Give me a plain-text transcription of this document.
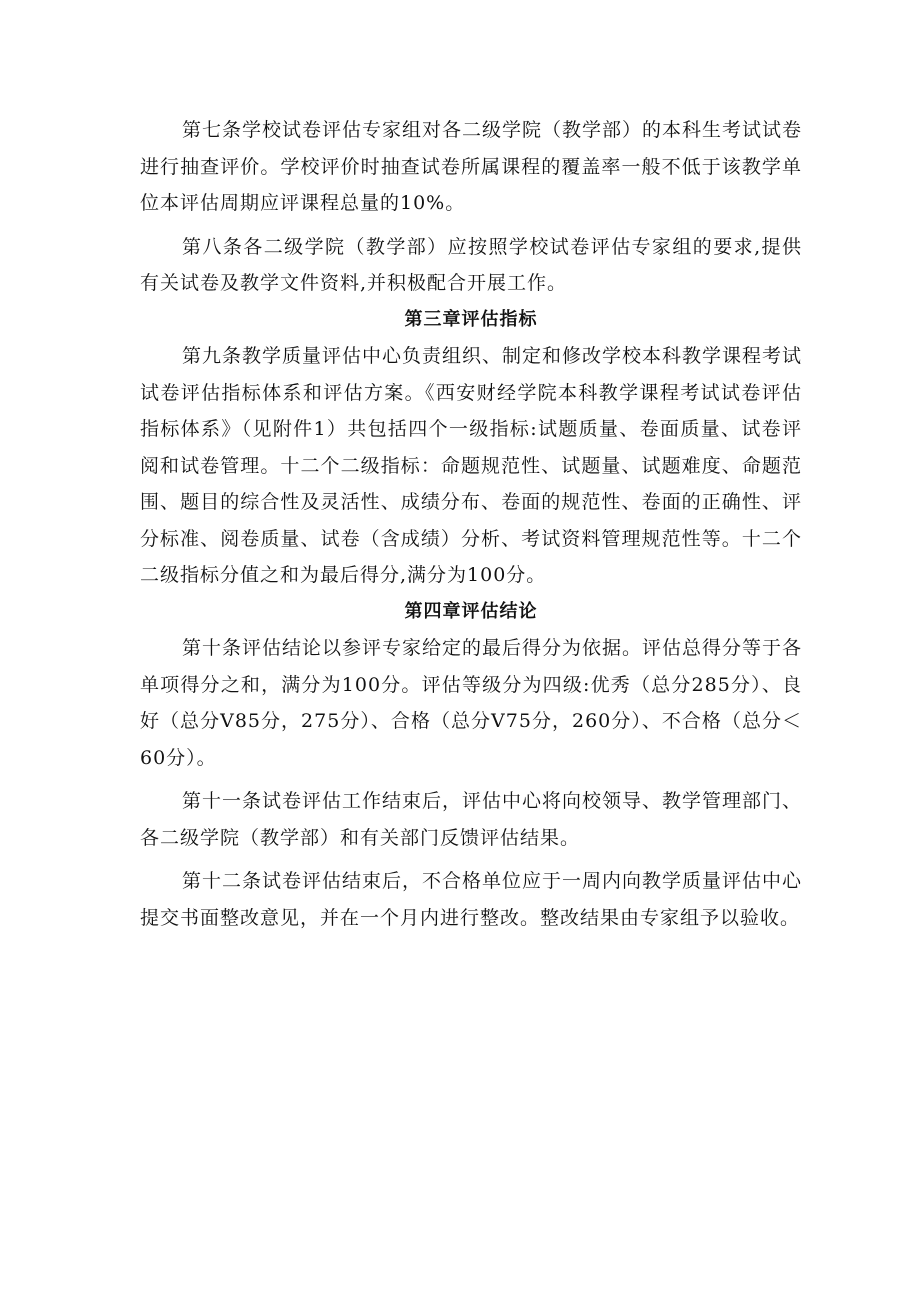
第七条学校试卷评估专家组对各二级学院（教学部）的本科生考试试卷进行抽查评价。学校评价时抽查试卷所属课程的覆盖率一般不低于该教学单位本评估周期应评课程总量的10%。

第八条各二级学院（教学部）应按照学校试卷评估专家组的要求,提供有关试卷及教学文件资料,并积极配合开展工作。

第三章评估指标

第九条教学质量评估中心负责组织、制定和修改学校本科教学课程考试试卷评估指标体系和评估方案。《西安财经学院本科教学课程考试试卷评估指标体系》（见附件1）共包括四个一级指标:试题质量、卷面质量、试卷评阅和试卷管理。十二个二级指标：命题规范性、试题量、试题难度、命题范围、题目的综合性及灵活性、成绩分布、卷面的规范性、卷面的正确性、评分标准、阅卷质量、试卷（含成绩）分析、考试资料管理规范性等。十二个二级指标分值之和为最后得分,满分为100分。

第四章评估结论

第十条评估结论以参评专家给定的最后得分为依据。评估总得分等于各单项得分之和，满分为100分。评估等级分为四级:优秀（总分285分）、良好（总分V85分，275分）、合格（总分V75分，260分）、不合格（总分＜60分）。

第十一条试卷评估工作结束后，评估中心将向校领导、教学管理部门、各二级学院（教学部）和有关部门反馈评估结果。

第十二条试卷评估结束后，不合格单位应于一周内向教学质量评估中心提交书面整改意见，并在一个月内进行整改。整改结果由专家组予以验收。
